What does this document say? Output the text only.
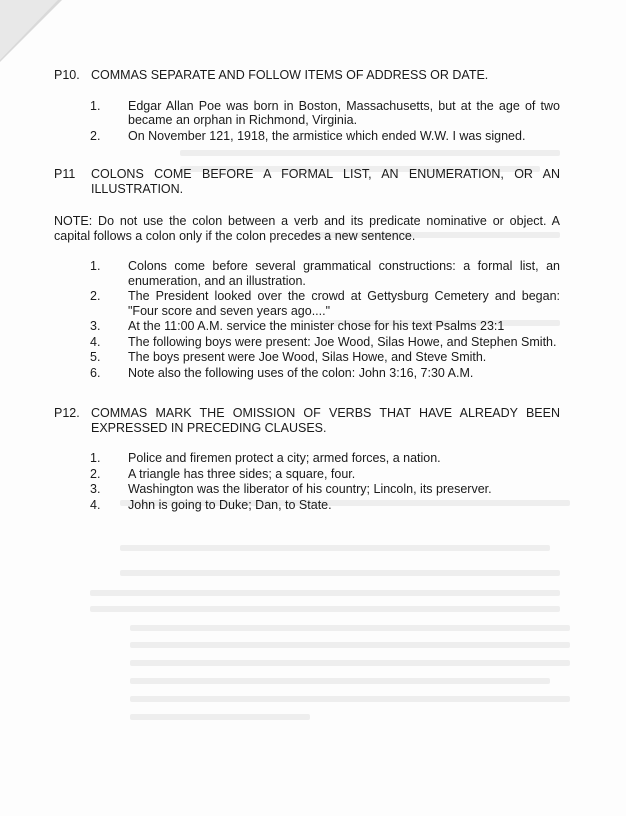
P10. COMMAS SEPARATE AND FOLLOW ITEMS OF ADDRESS OR DATE.
1.	Edgar Allan Poe was born in Boston, Massachusetts, but at the age of two became an orphan in Richmond, Virginia.
2.	On November 121, 1918, the armistice which ended W.W. I was signed.
P11	COLONS COME BEFORE A FORMAL LIST, AN ENUMERATION, OR AN ILLUSTRATION.
NOTE: Do not use the colon between a verb and its predicate nominative or object. A capital follows a colon only if the colon precedes a new sentence.
1.	Colons come before several grammatical constructions: a formal list, an enumeration, and an illustration.
2.	The President looked over the crowd at Gettysburg Cemetery and began: "Four score and seven years ago...."
3.	At the 11:00 A.M. service the minister chose for his text Psalms 23:1
4.	The following boys were present: Joe Wood, Silas Howe, and Stephen Smith.
5.	The boys present were Joe Wood, Silas Howe, and Steve Smith.
6.	Note also the following uses of the colon: John 3:16, 7:30 A.M.
P12. COMMAS MARK THE OMISSION OF VERBS THAT HAVE ALREADY BEEN EXPRESSED IN PRECEDING CLAUSES.
1.	Police and firemen protect a city; armed forces, a nation.
2.	A triangle has three sides; a square, four.
3.	Washington was the liberator of his country; Lincoln, its preserver.
4.	John is going to Duke; Dan, to State.
